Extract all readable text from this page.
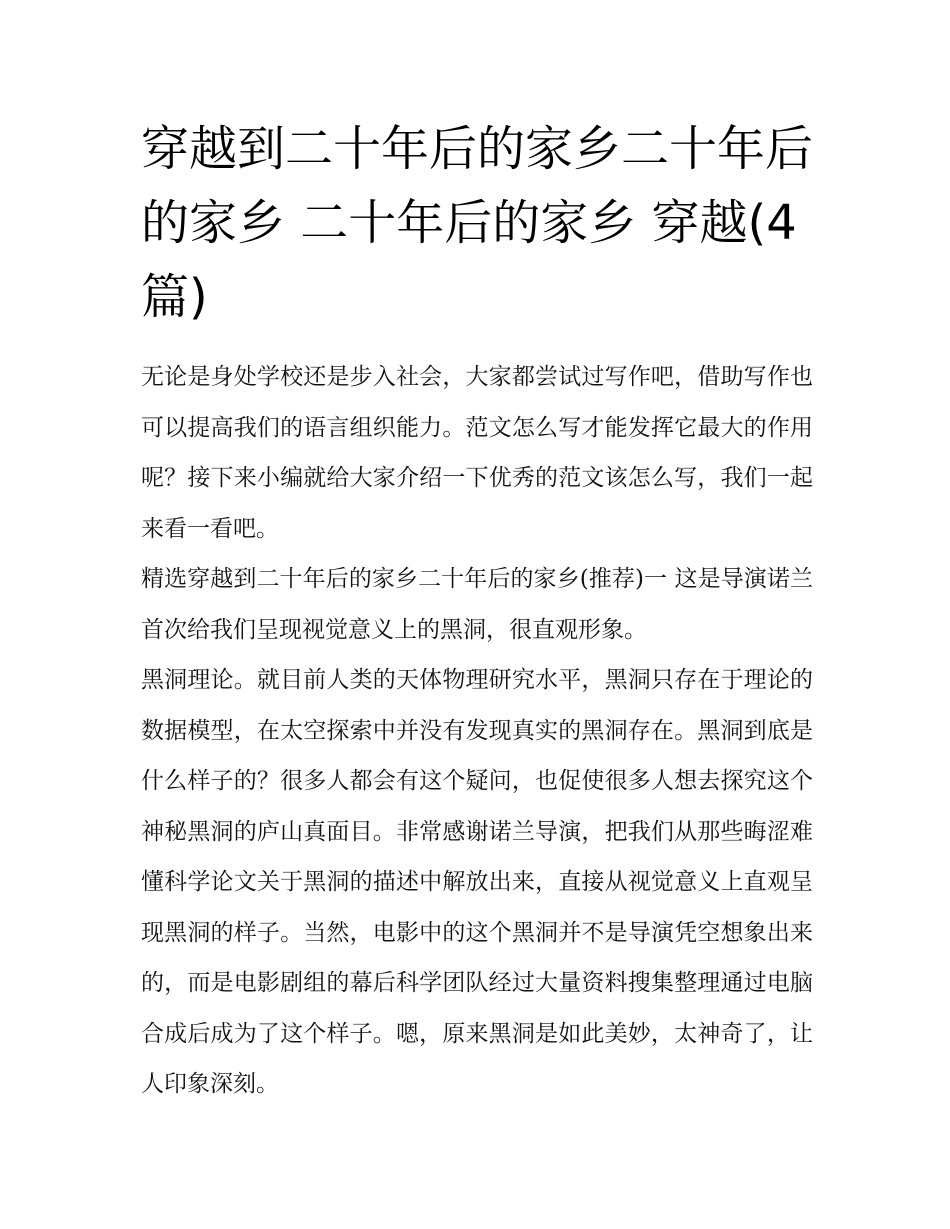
穿越到二十年后的家乡二十年后的家乡 二十年后的家乡 穿越(4篇)

无论是身处学校还是步入社会，大家都尝试过写作吧，借助写作也可以提高我们的语言组织能力。范文怎么写才能发挥它最大的作用呢？接下来小编就给大家介绍一下优秀的范文该怎么写，我们一起来看一看吧。

精选穿越到二十年后的家乡二十年后的家乡(推荐)一 这是导演诺兰首次给我们呈现视觉意义上的黑洞，很直观形象。

黑洞理论。就目前人类的天体物理研究水平，黑洞只存在于理论的数据模型，在太空探索中并没有发现真实的黑洞存在。黑洞到底是什么样子的？很多人都会有这个疑问，也促使很多人想去探究这个神秘黑洞的庐山真面目。非常感谢诺兰导演，把我们从那些晦涩难懂科学论文关于黑洞的描述中解放出来，直接从视觉意义上直观呈现黑洞的样子。当然，电影中的这个黑洞并不是导演凭空想象出来的，而是电影剧组的幕后科学团队经过大量资料搜集整理通过电脑合成后成为了这个样子。嗯，原来黑洞是如此美妙，太神奇了，让人印象深刻。
